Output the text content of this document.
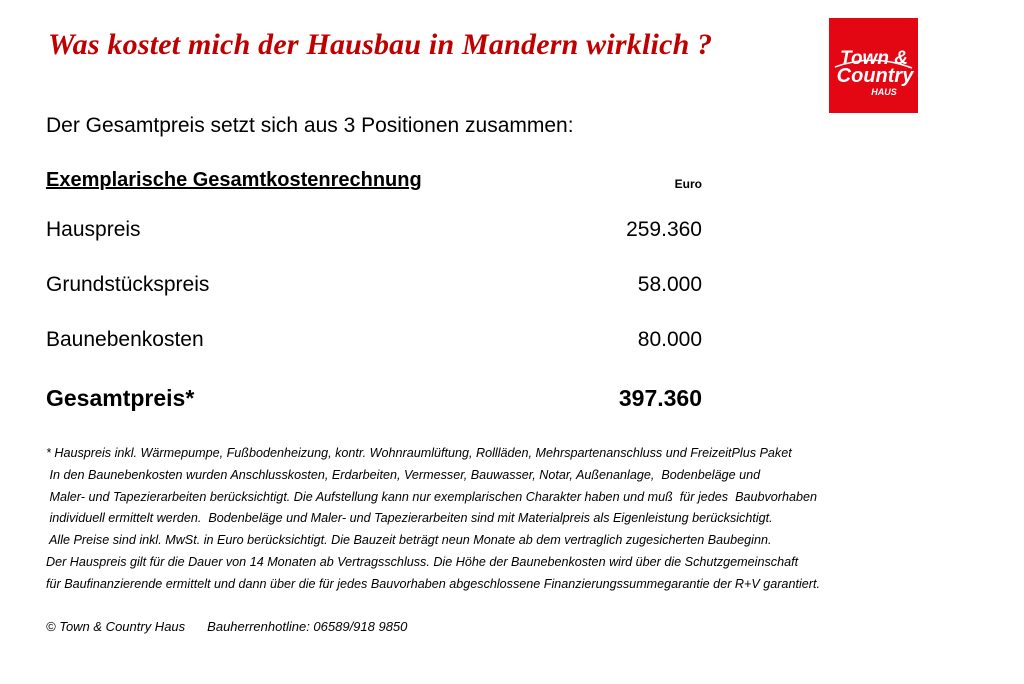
Was kostet mich der Hausbau in Mandern wirklich ?	Town &
Country
HAUS
Der Gesamtpreis setzt sich aus 3 Positionen zusammen:
Exemplarische Gesamtkostenrechnung	Euro
Hauspreis	259.360
Grundstückspreis	58.000
Baunebenkosten	80.000
Gesamtpreis*	397.360
* Hauspreis inkl. Wärmepumpe, Fußbodenheizung, kontr. Wohnraumlüftung, Rollläden, Mehrspartenanschluss und FreizeitPlus Paket
In den Baunebenkosten wurden Anschlusskosten, Erdarbeiten, Vermesser, Bauwasser, Notar, Außenanlage,  Bodenbeläge und
Maler- und Tapezierarbeiten berücksichtigt. Die Aufstellung kann nur exemplarischen Charakter haben und muß  für jedes  Baubvorhaben
individuell ermittelt werden.  Bodenbeläge und Maler- und Tapezierarbeiten sind mit Materialpreis als Eigenleistung berücksichtigt.
Alle Preise sind inkl. MwSt. in Euro berücksichtigt. Die Bauzeit beträgt neun Monate ab dem vertraglich zugesicherten Baubeginn.
Der Hauspreis gilt für die Dauer von 14 Monaten ab Vertragsschluss. Die Höhe der Baunebenkosten wird über die Schutzgemeinschaft
für Baufinanzierende ermittelt und dann über die für jedes Bauvorhaben abgeschlossene Finanzierungssummegarantie der R+V garantiert.
© Town & Country Haus Bauherrenhotline: 06589/918 9850
